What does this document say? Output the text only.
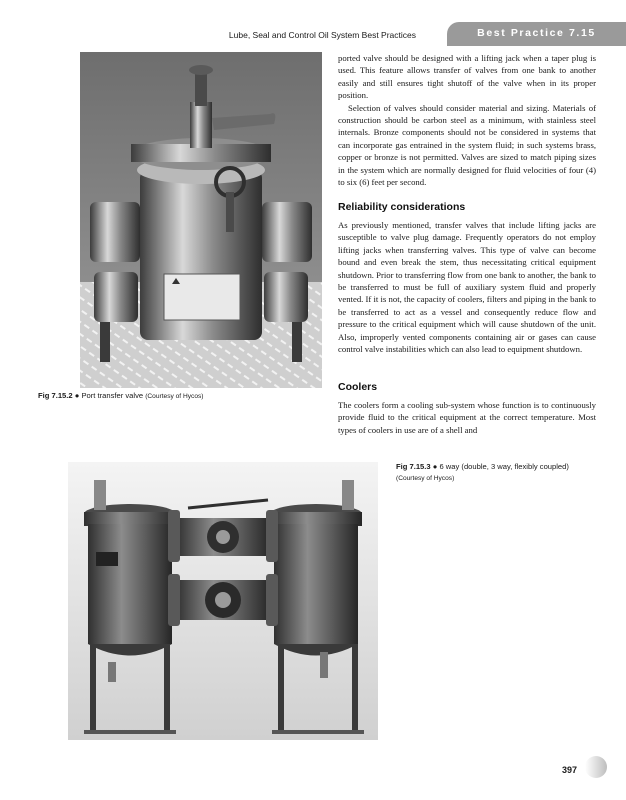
Lube, Seal and Control Oil System Best Practices	Best Practice 7.15
Fig 7.15.2 ● Port transfer valve (Courtesy of Hycos)

ported valve should be designed with a lifting jack when a taper plug is used. This feature allows transfer of valves from one bank to another easily and still ensures tight shutoff of the valve when in its proper position.

Selection of valves should consider material and sizing. Materials of construction should be carbon steel as a minimum, with stainless steel internals. Bronze components should not be considered in systems that can incorporate gas entrained in the system fluid; in such systems brass, copper or bronze is not permitted. Valves are sized to match piping sizes in the system which are normally designed for fluid velocities of four (4) to six (6) feet per second.

Reliability considerations

As previously mentioned, transfer valves that include lifting jacks are susceptible to valve plug damage. Frequently operators do not employ lifting jacks when transferring valves. This type of valve can become bound and even break the stem, thus necessitating critical equipment shutdown. Prior to transferring flow from one bank to another, the bank to be transferred to must be full of auxiliary system fluid and properly vented. If it is not, the capacity of coolers, filters and piping in the bank to be transferred to act as a vessel and consequently reduce flow and pressure to the critical equipment which will cause shutdown of the unit. Also, improperly vented components containing air or gases can cause control valve instabilities which can also lead to equipment shutdown.

Coolers

The coolers form a cooling sub-system whose function is to continuously provide fluid to the critical equipment at the correct temperature. Most types of coolers in use are of a shell and

Fig 7.15.3 ● 6 way (double, 3 way, flexibly coupled)
(Courtesy of Hycos)
397
